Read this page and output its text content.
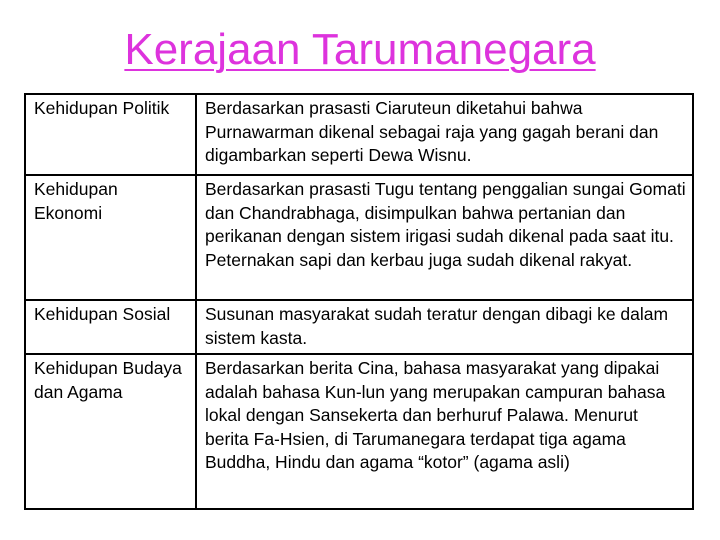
Kerajaan Tarumanegara
Kehidupan Politik	Berdasarkan prasasti Ciaruteun diketahui bahwa Purnawarman dikenal sebagai raja yang gagah berani dan digambarkan seperti Dewa Wisnu.
Kehidupan Ekonomi	Berdasarkan prasasti Tugu tentang penggalian sungai Gomati dan Chandrabhaga, disimpulkan bahwa pertanian dan perikanan dengan sistem irigasi sudah dikenal pada saat itu. Peternakan sapi dan kerbau juga sudah dikenal rakyat.
Kehidupan Sosial	Susunan masyarakat sudah teratur dengan dibagi ke dalam sistem kasta.
Kehidupan Budaya dan Agama	Berdasarkan berita Cina, bahasa masyarakat yang dipakai adalah bahasa Kun-lun yang merupakan campuran bahasa lokal dengan Sansekerta dan berhuruf Palawa. Menurut berita Fa-Hsien, di Tarumanegara terdapat tiga agama Buddha, Hindu dan agama “kotor” (agama asli)
